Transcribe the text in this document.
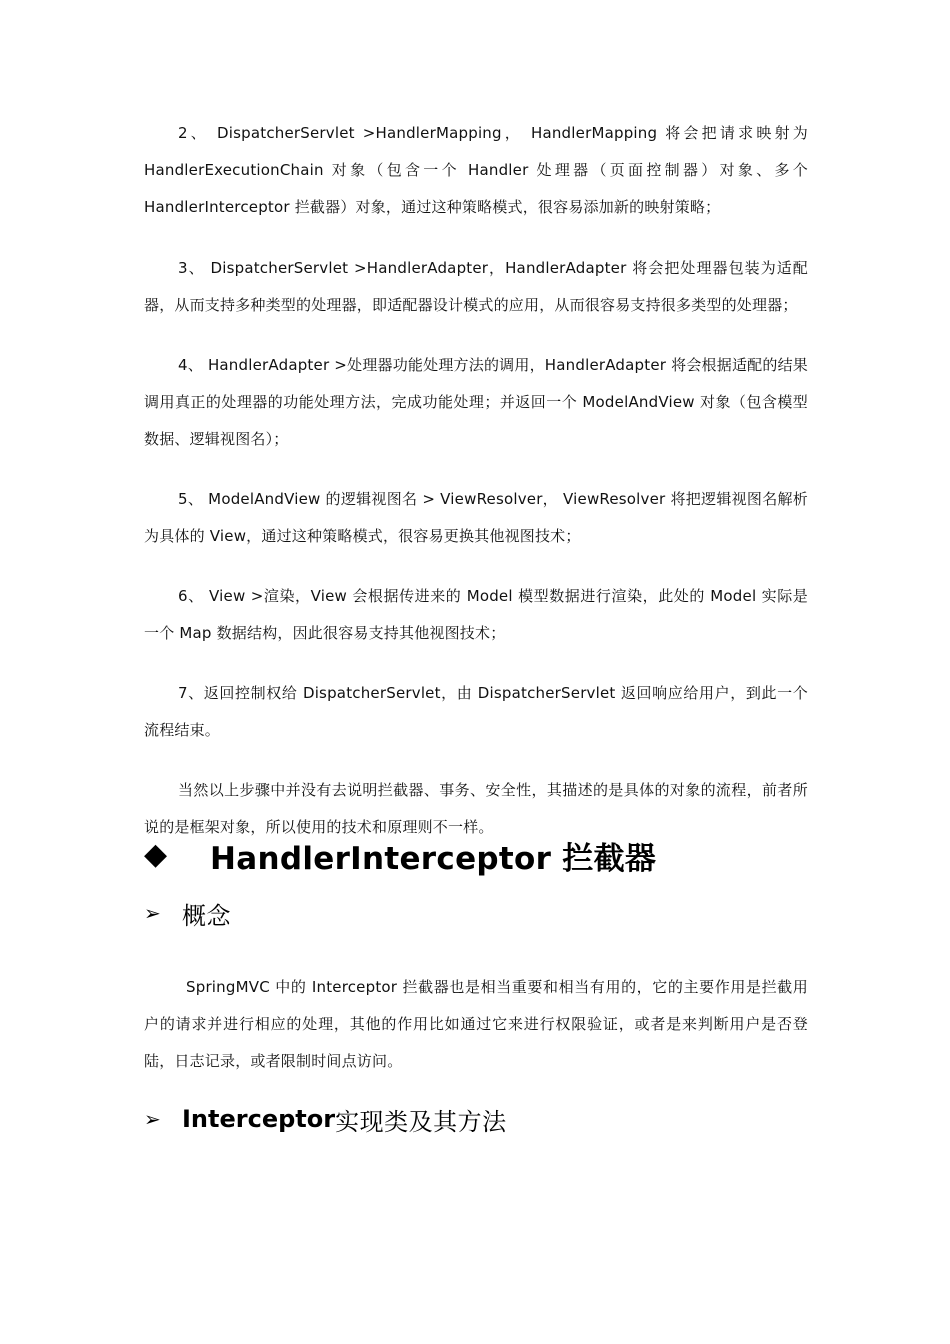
2、 DispatcherServlet >HandlerMapping， HandlerMapping 将会把请求映射为 HandlerExecutionChain 对象（包含一个 Handler 处理器（页面控制器）对象、多个 HandlerInterceptor 拦截器）对象，通过这种策略模式，很容易添加新的映射策略；

3、 DispatcherServlet >HandlerAdapter，HandlerAdapter 将会把处理器包装为适配器，从而支持多种类型的处理器，即适配器设计模式的应用，从而很容易支持很多类型的处理器；

4、 HandlerAdapter >处理器功能处理方法的调用，HandlerAdapter 将会根据适配的结果调用真正的处理器的功能处理方法，完成功能处理；并返回一个 ModelAndView 对象（包含模型数据、逻辑视图名）；

5、 ModelAndView 的逻辑视图名 > ViewResolver， ViewResolver 将把逻辑视图名解析为具体的 View，通过这种策略模式，很容易更换其他视图技术；

6、 View >渲染，View 会根据传进来的 Model 模型数据进行渲染，此处的 Model 实际是一个 Map 数据结构，因此很容易支持其他视图技术；

7、返回控制权给 DispatcherServlet，由 DispatcherServlet 返回响应给用户，到此一个流程结束。

当然以上步骤中并没有去说明拦截器、事务、安全性，其描述的是具体的对象的流程，前者所说的是框架对象，所以使用的技术和原理则不一样。

◆	HandlerInterceptor 拦截器
➢ 概念

SpringMVC 中的 Interceptor 拦截器也是相当重要和相当有用的，它的主要作用是拦截用户的请求并进行相应的处理，其他的作用比如通过它来进行权限验证，或者是来判断用户是否登陆，日志记录，或者限制时间点访问。

➢ Interceptor 实现类及其方法
